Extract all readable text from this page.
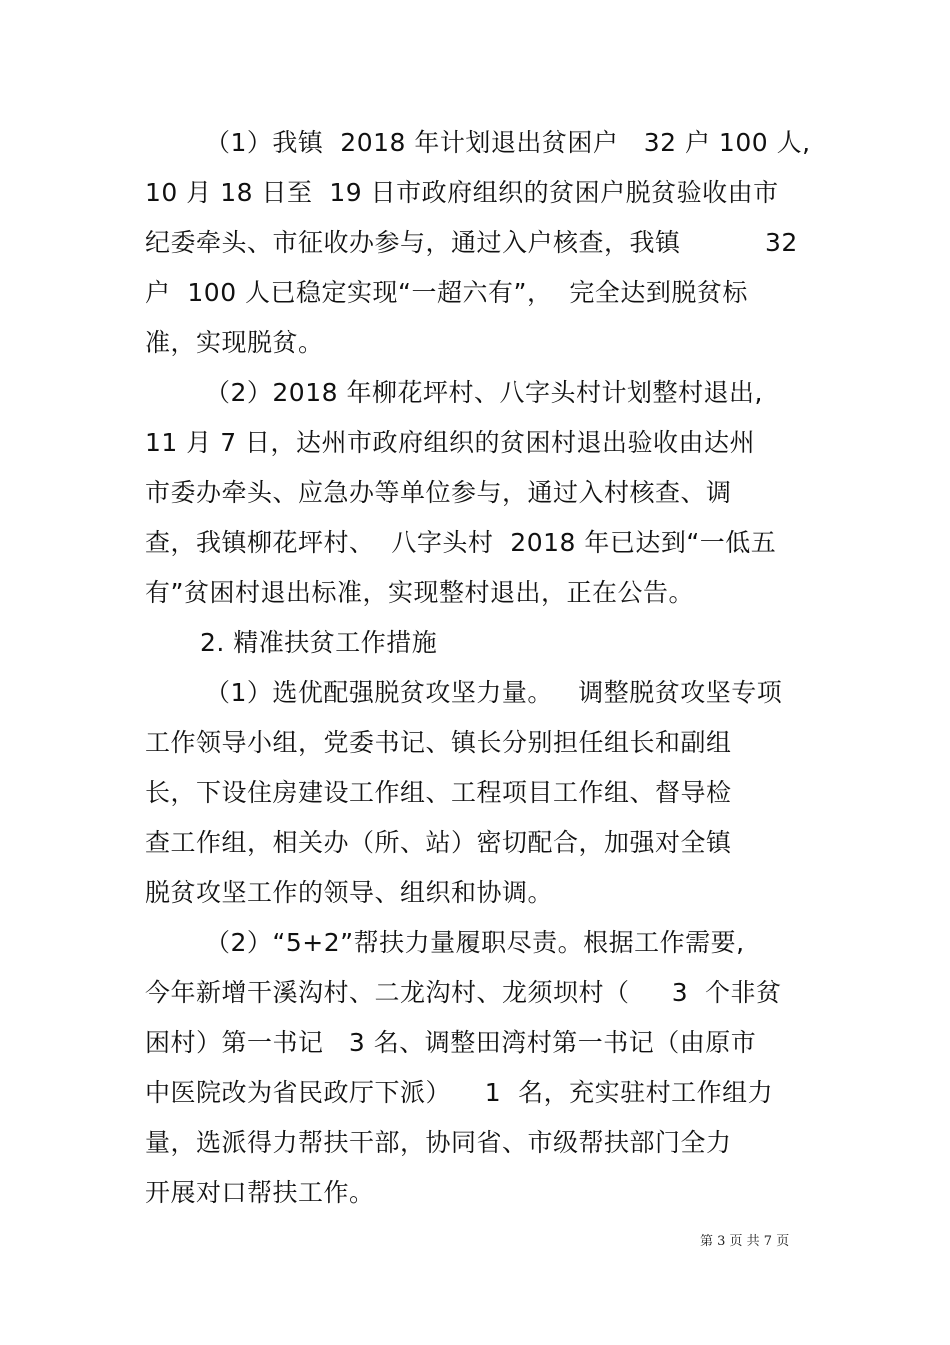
（1）我镇  2018 年计划退出贫困户   32 户 100 人,
10 月 18 日至  19 日市政府组织的贫困户脱贫验收由市
纪委牵头、市征收办参与，通过入户核查，我镇          32
户  100 人已稳定实现“一超六有”，  完全达到脱贫标
准，实现脱贫。
（2）2018 年柳花坪村、八字头村计划整村退出,
11 月 7 日，达州市政府组织的贫困村退出验收由达州
市委办牵头、应急办等单位参与，通过入村核查、调
查，我镇柳花坪村、  八字头村  2018 年已达到“一低五
有”贫困村退出标准，实现整村退出，正在公告。
2. 精准扶贫工作措施
（1）选优配强脱贫攻坚力量。   调整脱贫攻坚专项
工作领导小组，党委书记、镇长分别担任组长和副组
长，下设住房建设工作组、工程项目工作组、督导检
查工作组，相关办（所、站）密切配合，加强对全镇
脱贫攻坚工作的领导、组织和协调。
（2）“5+2”帮扶力量履职尽责。根据工作需要,
今年新增干溪沟村、二龙沟村、龙须坝村（     3  个非贫
困村）第一书记   3 名、调整田湾村第一书记（由原市
中医院改为省民政厅下派）    1  名，充实驻村工作组力
量，选派得力帮扶干部，协同省、市级帮扶部门全力
开展对口帮扶工作。
第 3 页 共 7 页
